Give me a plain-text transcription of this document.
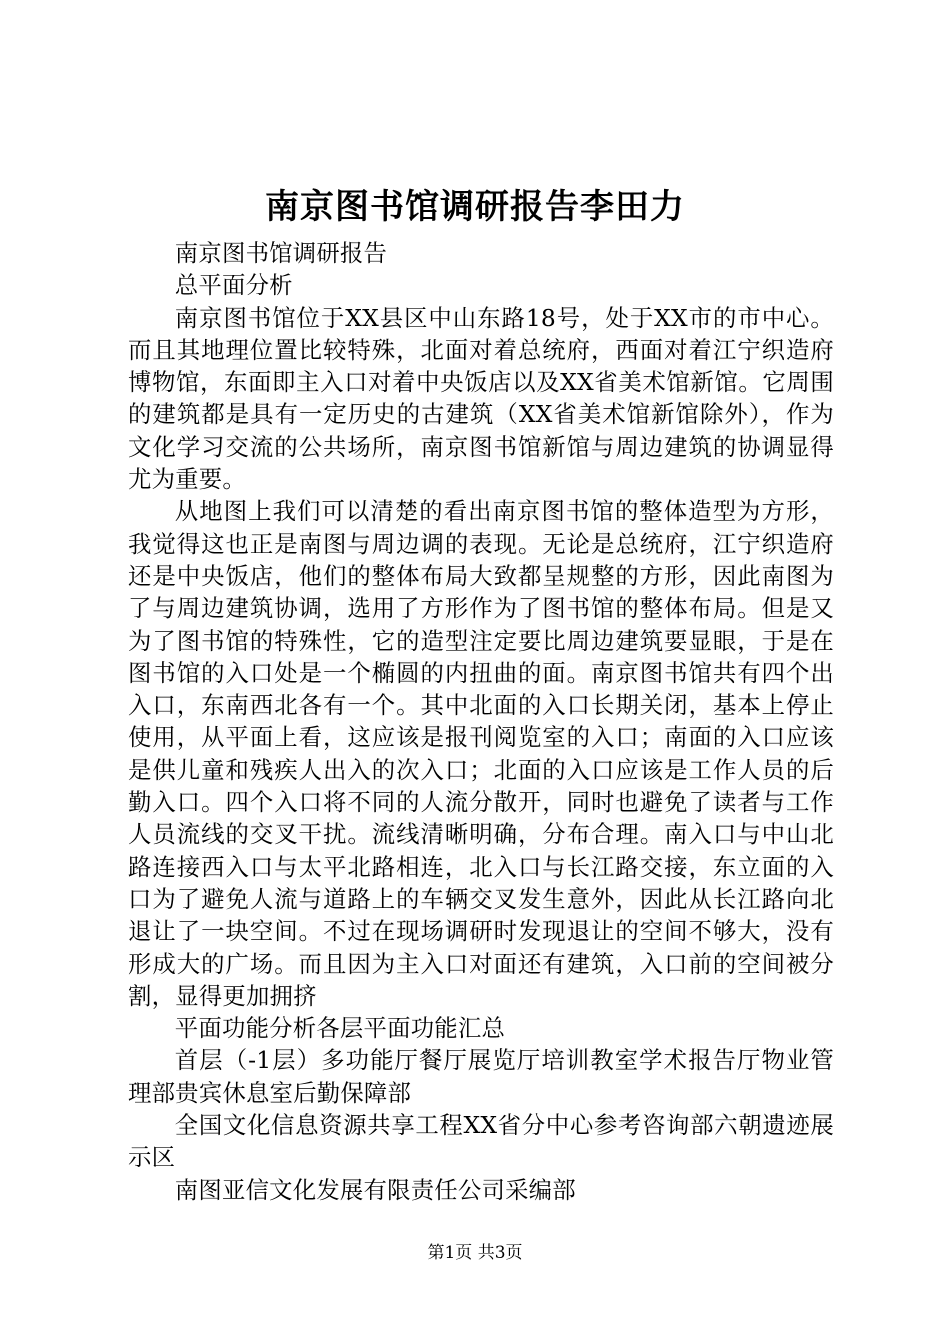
南京图书馆调研报告李田力

南京图书馆调研报告

总平面分析

南京图书馆位于XX县区中山东路18号，处于XX市的市中心。而且其地理位置比较特殊，北面对着总统府，西面对着江宁织造府博物馆，东面即主入口对着中央饭店以及XX省美术馆新馆。它周围的建筑都是具有一定历史的古建筑（XX省美术馆新馆除外），作为文化学习交流的公共场所，南京图书馆新馆与周边建筑的协调显得尤为重要。

从地图上我们可以清楚的看出南京图书馆的整体造型为方形，我觉得这也正是南图与周边调的表现。无论是总统府，江宁织造府还是中央饭店，他们的整体布局大致都呈规整的方形，因此南图为了与周边建筑协调，选用了方形作为了图书馆的整体布局。但是又为了图书馆的特殊性，它的造型注定要比周边建筑要显眼，于是在图书馆的入口处是一个椭圆的内扭曲的面。南京图书馆共有四个出入口，东南西北各有一个。其中北面的入口长期关闭，基本上停止使用，从平面上看，这应该是报刊阅览室的入口；南面的入口应该是供儿童和残疾人出入的次入口；北面的入口应该是工作人员的后勤入口。四个入口将不同的人流分散开，同时也避免了读者与工作人员流线的交叉干扰。流线清晰明确，分布合理。南入口与中山北路连接西入口与太平北路相连，北入口与长江路交接，东立面的入口为了避免人流与道路上的车辆交叉发生意外，因此从长江路向北退让了一块空间。不过在现场调研时发现退让的空间不够大，没有形成大的广场。而且因为主入口对面还有建筑，入口前的空间被分割，显得更加拥挤

平面功能分析各层平面功能汇总

首层（-1层）多功能厅餐厅展览厅培训教室学术报告厅物业管理部贵宾休息室后勤保障部

全国文化信息资源共享工程XX省分中心参考咨询部六朝遗迹展示区

南图亚信文化发展有限责任公司采编部

第1页 共3页
